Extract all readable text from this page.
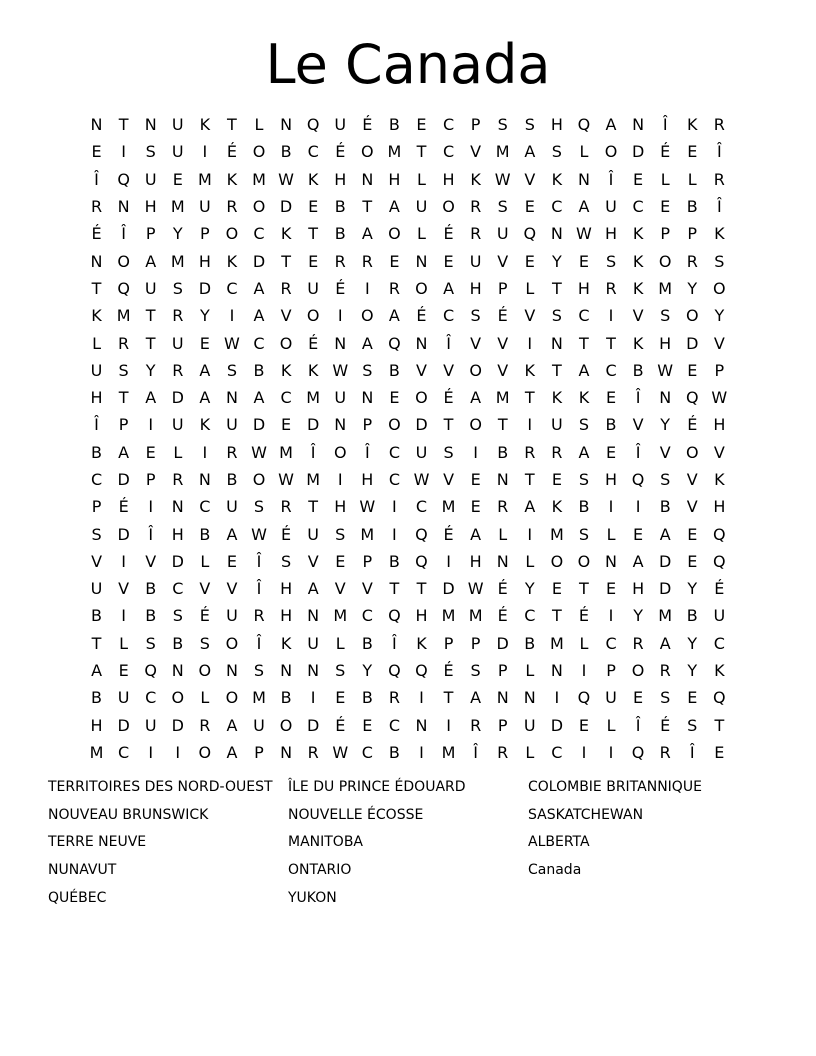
Le Canada
N	T	N U K	T	L	N Q U	É	B	E	C	P	S	S H Q A N	Î	K	R
E	I	S	U	I	É O B	C	É O M T	C	V M A	S	L	O D É	E	Î
Î	Q U	E M K M W K H N H	L	H K W V	K N	Î	E	L	L	R
R N H M U R O D E	B	T	A U O R	S	E	C	A U C	E	B	Î
É	Î	P	Y	P O C	K	T	B	A O	L	É	R U Q N W H K	P	P	K
N O A M H K D	T	E	R R	E	N	E	U V	E	Y	E	S	K O R	S
T Q U	S D C	A	R U	É	I	R O A H	P	L	T	H R	K M Y O
K M T	R	Y	I	A	V O	I	O A	É	C	S	É	V	S	C	I	V	S O Y
L	R	T	U	E W C O É	N A Q N	Î	V	V	I	N	T	T	K H D V
U	S	Y	R	A	S	B	K	K W S	B	V	V O V	K	T	A	C	B W E	P
H	T	A D A N A	C M U N	E O É	A M T	K	K	E	Î	N Q W
Î	P	I	U K U D E D N	P O D	T O T	I	U	S	B	V	Y	É	H
B	A	E	L	I	R W M	Î	O	Î	C U	S	I	B	R R	A	E	Î	V O V
C D	P	R N B O W M	I	H C W V	E	N	T	E	S H Q S	V	K
P	É	I	N C U	S	R	T	H W	I	C M E	R	A	K	B	I	I	B	V H
S D	Î	H B	A W É	U	S M	I	Q É	A	L	I	M S	L	E	A	E Q
V	I	V D	L	E	Î	S	V	E	P	B Q	I	H N	L	O O N A D E Q
U V	B	C	V	V	Î	H A	V	V	T	T	D W É	Y	E	T	E	H D	Y	É
B	I	B	S	É	U R H N M C Q H M M É	C	T	É	I	Y M B U
T	L	S	B	S O	Î	K U	L	B	Î	K	P	P	D B M L	C R	A	Y	C
A	E Q N O N	S	N N	S	Y Q Q É	S	P	L	N	I	P O R	Y	K
B U C O	L	O M B	I	E	B	R	I	T	A N N	I	Q U	E	S	E Q
H D U D R	A U O D É	E	C N	I	R	P	U D E	L	Î	É	S	T
M C	I	I	O A	P	N R W C	B	I	M	Î	R	L	C	I	I	Q R	Î	E
TERRITOIRES DES NORD-OUEST	ÎLE DU PRINCE ÉDOUARD	COLOMBIE BRITANNIQUE
NOUVEAU BRUNSWICK	NOUVELLE ÉCOSSE	SASKATCHEWAN
TERRE NEUVE	MANITOBA	ALBERTA
NUNAVUT	ONTARIO	Canada
QUÉBEC	YUKON
